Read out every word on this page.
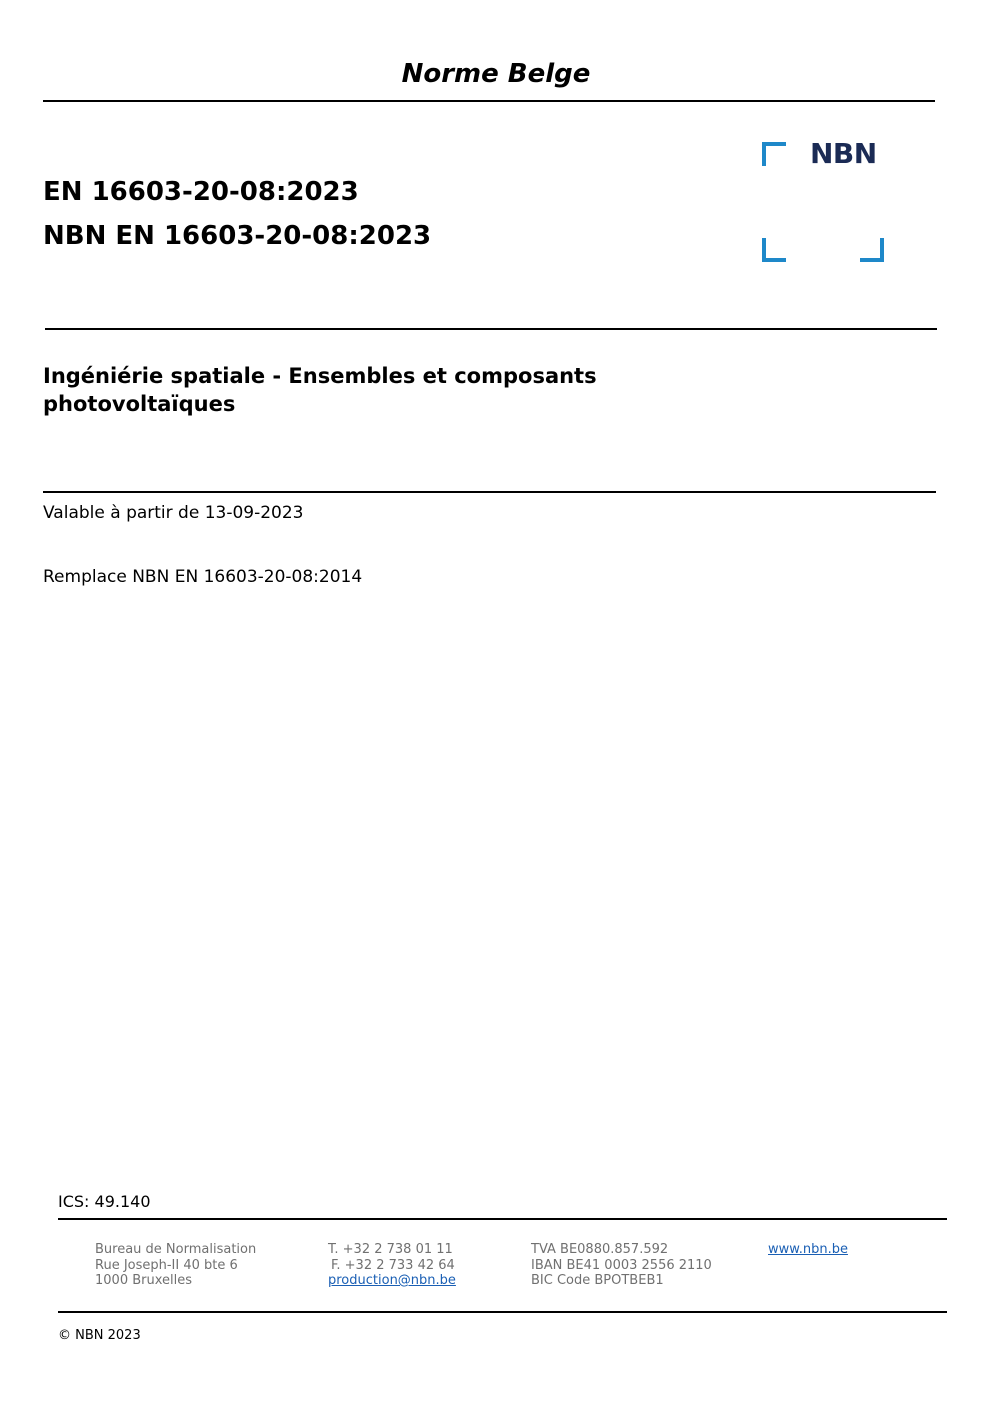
Norme Belge
EN 16603-20-08:2023
NBN EN 16603-20-08:2023
NBN
Ingéniérie spatiale - Ensembles et composants
photovoltaïques
Valable à partir de 13-09-2023
Remplace NBN EN 16603-20-08:2014
ICS: 49.140
Bureau de Normalisation
Rue Joseph-II 40 bte 6
1000 Bruxelles
T. +32 2 738 01 11
F. +32 2 733 42 64
production@nbn.be
TVA BE0880.857.592
IBAN BE41 0003 2556 2110
BIC Code BPOTBEB1
www.nbn.be
© NBN 2023
